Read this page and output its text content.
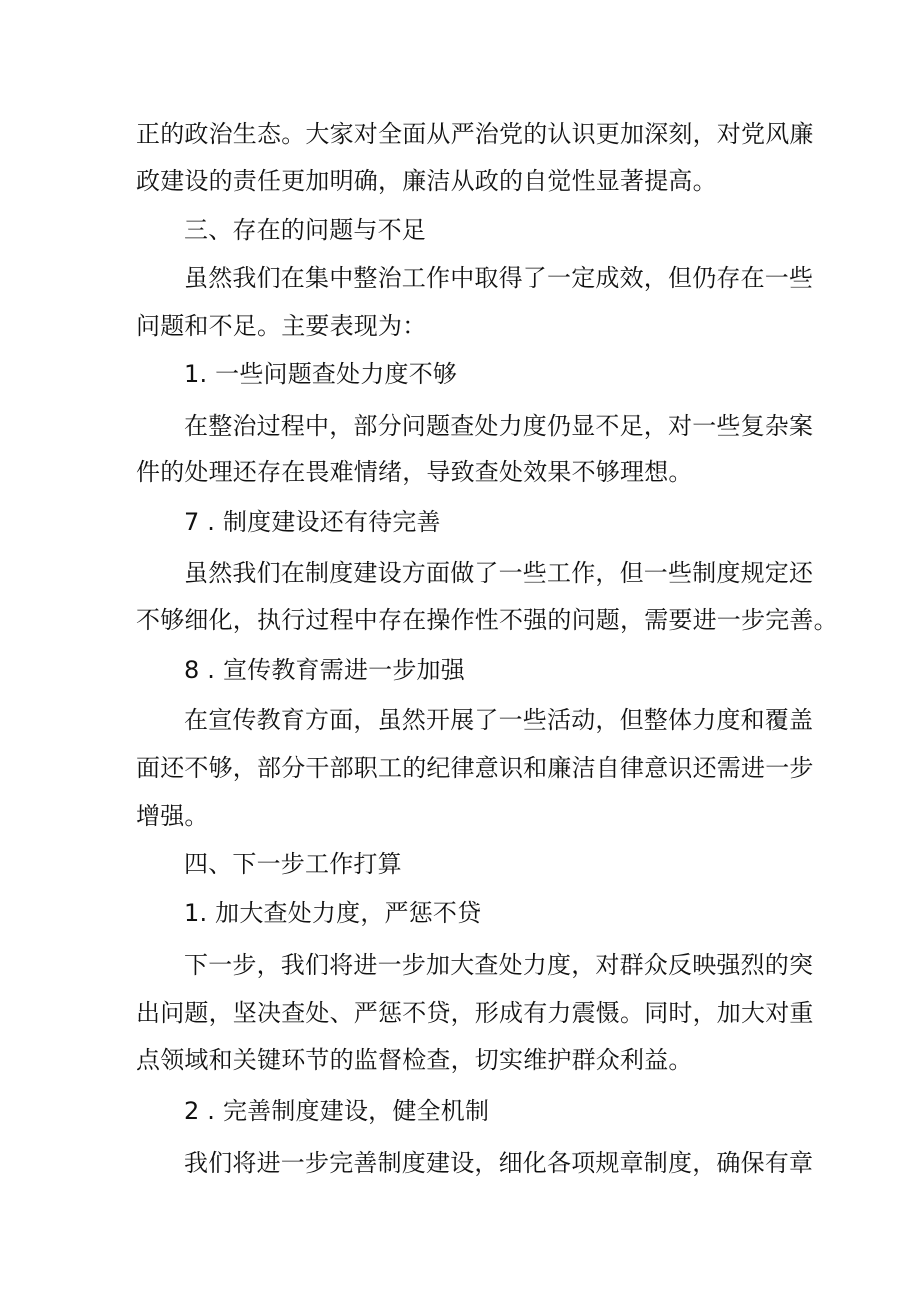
正的政治生态。大家对全面从严治党的认识更加深刻，对党风廉
政建设的责任更加明确，廉洁从政的自觉性显著提高。
三、存在的问题与不足
虽然我们在集中整治工作中取得了一定成效，但仍存在一些
问题和不足。主要表现为：
1. 一些问题查处力度不够
在整治过程中，部分问题查处力度仍显不足，对一些复杂案
件的处理还存在畏难情绪，导致查处效果不够理想。
7 . 制度建设还有待完善
虽然我们在制度建设方面做了一些工作，但一些制度规定还
不够细化，执行过程中存在操作性不强的问题，需要进一步完善。
8 . 宣传教育需进一步加强
在宣传教育方面，虽然开展了一些活动，但整体力度和覆盖
面还不够，部分干部职工的纪律意识和廉洁自律意识还需进一步
增强。
四、下一步工作打算
1. 加大查处力度，严惩不贷
下一步，我们将进一步加大查处力度，对群众反映强烈的突
出问题，坚决查处、严惩不贷，形成有力震慑。同时，加大对重
点领域和关键环节的监督检查，切实维护群众利益。
2 . 完善制度建设，健全机制
我们将进一步完善制度建设，细化各项规章制度，确保有章
